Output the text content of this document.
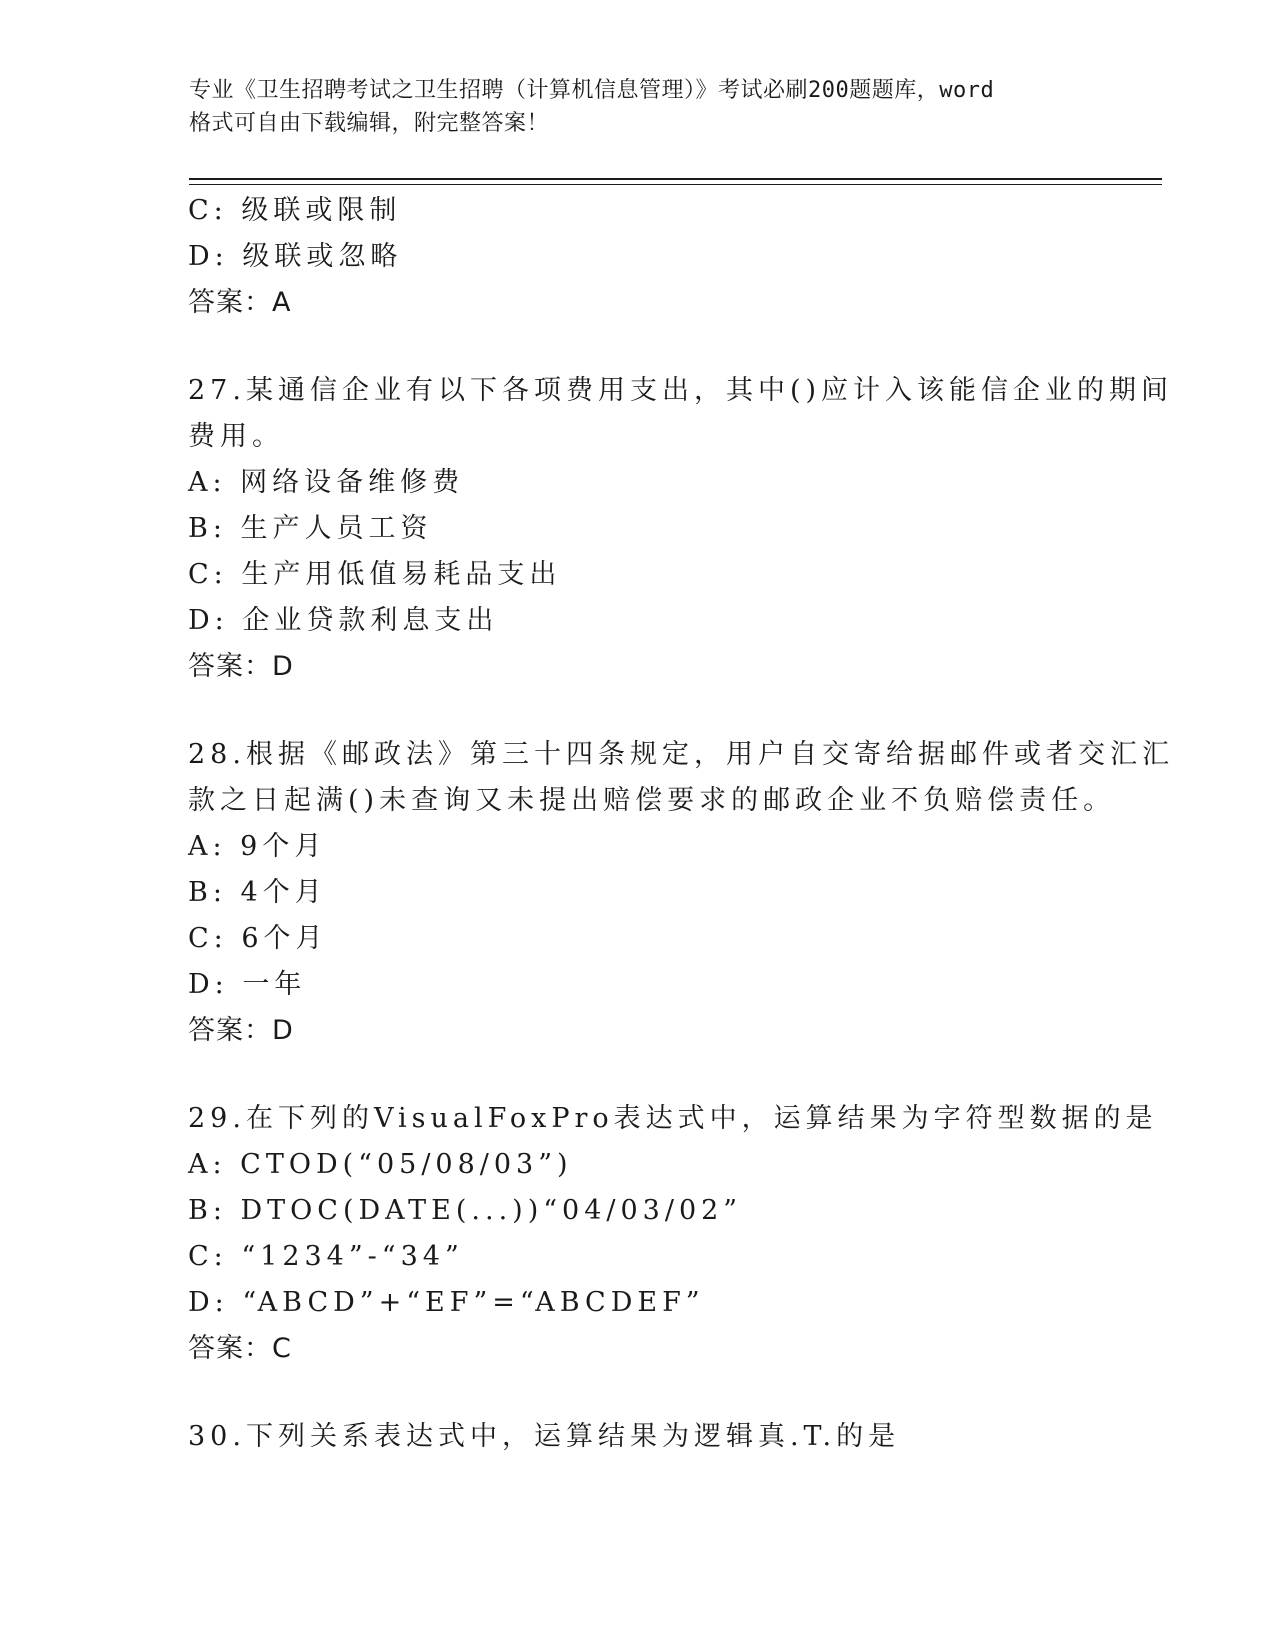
专业《卫生招聘考试之卫生招聘（计算机信息管理）》考试必刷200题题库，word
格式可自由下载编辑，附完整答案！
C: 级联或限制
D: 级联或忽略
答案：A
27.某通信企业有以下各项费用支出，其中()应计入该能信企业的期间
费用。
A: 网络设备维修费
B: 生产人员工资
C: 生产用低值易耗品支出
D: 企业贷款利息支出
答案：D
28.根据《邮政法》第三十四条规定，用户自交寄给据邮件或者交汇汇
款之日起满()未查询又未提出赔偿要求的邮政企业不负赔偿责任。
A: 9个月
B: 4个月
C: 6个月
D: 一年
答案：D
29.在下列的VisualFoxPro表达式中，运算结果为字符型数据的是
A: CTOD(“05/08/03”)
B: DTOC(DATE(...))“04/03/02”
C: “1234”-“34”
D: “ABCD”+“EF”=“ABCDEF”
答案：C
30.下列关系表达式中，运算结果为逻辑真.T.的是
